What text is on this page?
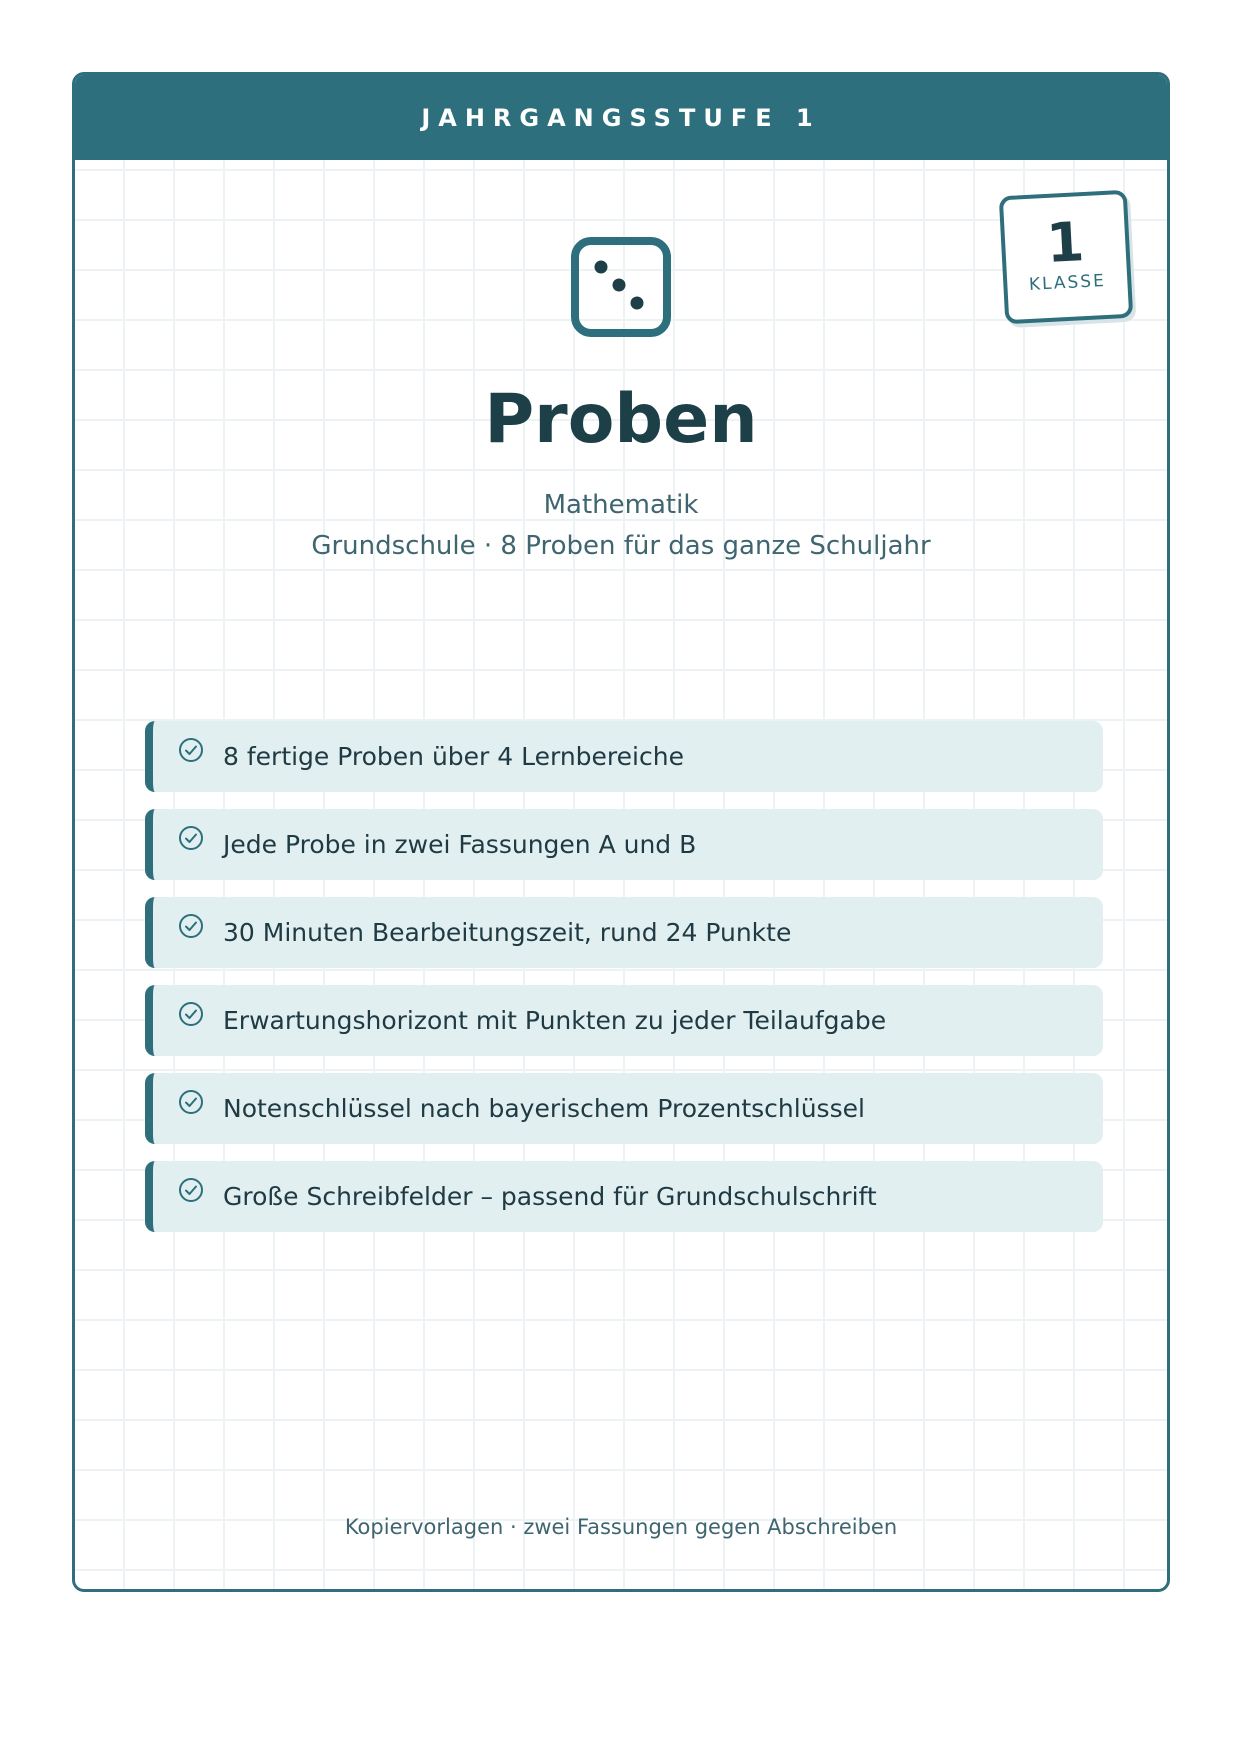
JAHRGANGSSTUFE 1
1
KLASSE
Proben
Mathematik
Grundschule · 8 Proben für das ganze Schuljahr
8 fertige Proben über 4 Lernbereiche
Jede Probe in zwei Fassungen A und B
30 Minuten Bearbeitungszeit, rund 24 Punkte
Erwartungshorizont mit Punkten zu jeder Teilaufgabe
Notenschlüssel nach bayerischem Prozentschlüssel
Große Schreibfelder – passend für Grundschulschrift
Kopiervorlagen · zwei Fassungen gegen Abschreiben
